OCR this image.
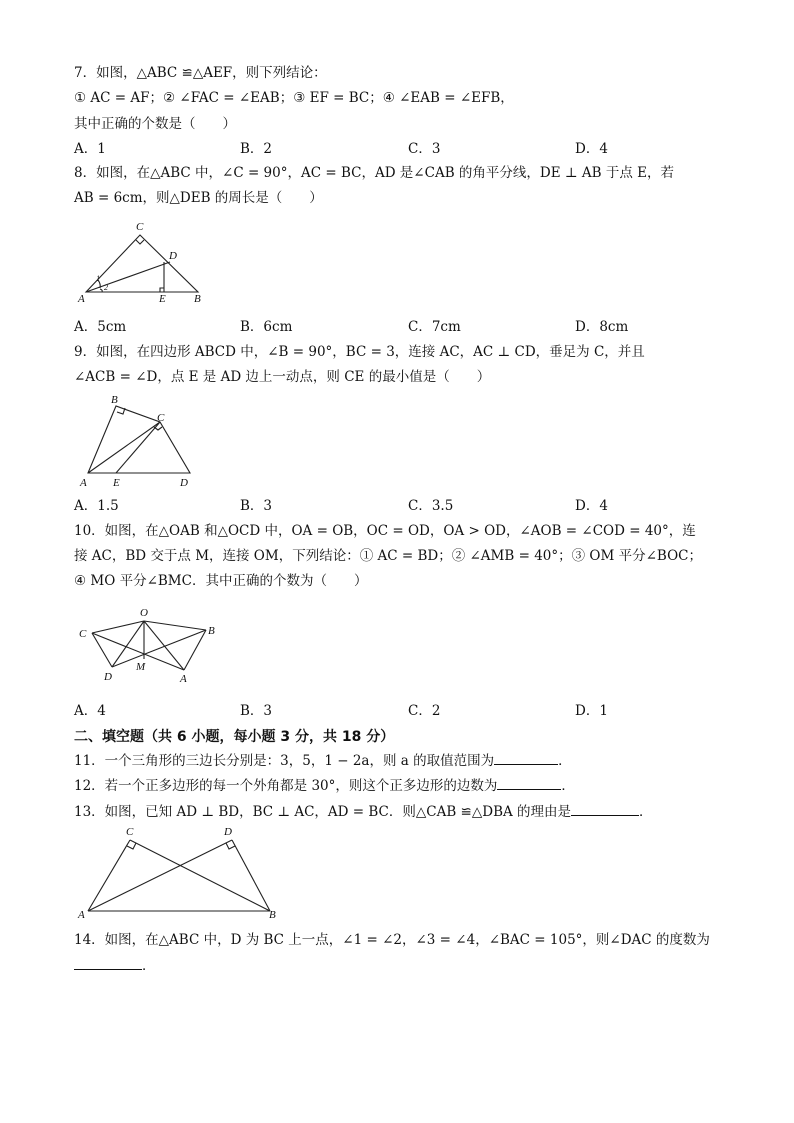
7．如图，△ABC ≌△AEF，则下列结论：
① AC = AF；② ∠FAC = ∠EAB；③ EF = BC；④ ∠EAB = ∠EFB，
其中正确的个数是（　　）
A．1	B．2	C．3	D．4
8．如图，在△ABC 中，∠C = 90°，AC = BC，AD 是∠CAB 的角平分线，DE ⊥ AB 于点 E，若
AB = 6cm，则△DEB 的周长是（　　）
C
D
A	E	B
1
2
A．5cm	B．6cm	C．7cm	D．8cm
9．如图，在四边形 ABCD 中，∠B = 90°，BC = 3，连接 AC，AC ⊥ CD，垂足为 C，并且
∠ACB = ∠D，点 E 是 AD 边上一动点，则 CE 的最小值是（　　）
B
C
A E	D
A．1.5	B．3	C．3.5	D．4
10．如图，在△OAB 和△OCD 中，OA = OB，OC = OD，OA > OD，∠AOB = ∠COD = 40°，连
接 AC，BD 交于点 M，连接 OM，下列结论：① AC = BD；② ∠AMB = 40°；③ OM 平分∠BOC；
④ MO 平分∠BMC．其中正确的个数为（　　）
O
C	B
D
M
A
A．4	B．3	C．2	D．1
二、填空题（共 6 小题，每小题 3 分，共 18 分）
11．一个三角形的三边长分别是：3，5，1 − 2a，则 a 的取值范围为	．
12．若一个正多边形的每一个外角都是 30°，则这个正多边形的边数为	．
13．如图，已知 AD ⊥ BD，BC ⊥ AC，AD = BC．则△CAB ≌△DBA 的理由是	．
C	D
A	B
14．如图，在△ABC 中，D 为 BC 上一点，∠1 = ∠2，∠3 = ∠4，∠BAC = 105°，则∠DAC 的度数为
．
